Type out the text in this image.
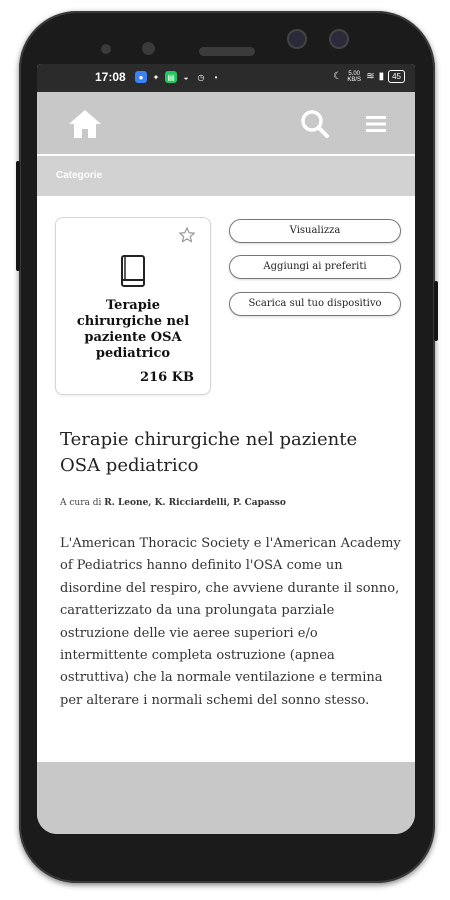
17:08	●	✦ ▤	◒	◷	•	☾	5.00 KB/S ≋ ▮	45
Categorie
Terapie chirurgiche nel paziente OSA pediatrico
216 KB
Visualizza
Aggiungi ai preferiti
Scarica sul tuo dispositivo
Terapie chirurgiche nel paziente OSA pediatrico
A cura di R. Leone, K. Ricciardelli, P. Capasso
L'American Thoracic Society e l'American Academy of Pediatrics hanno definito l'OSA come un disordine del respiro, che avviene durante il sonno, caratterizzato da una prolungata parziale ostruzione delle vie aeree superiori e/o intermittente completa ostruzione (apnea ostruttiva) che la normale ventilazione e termina per alterare i normali schemi del sonno stesso.
